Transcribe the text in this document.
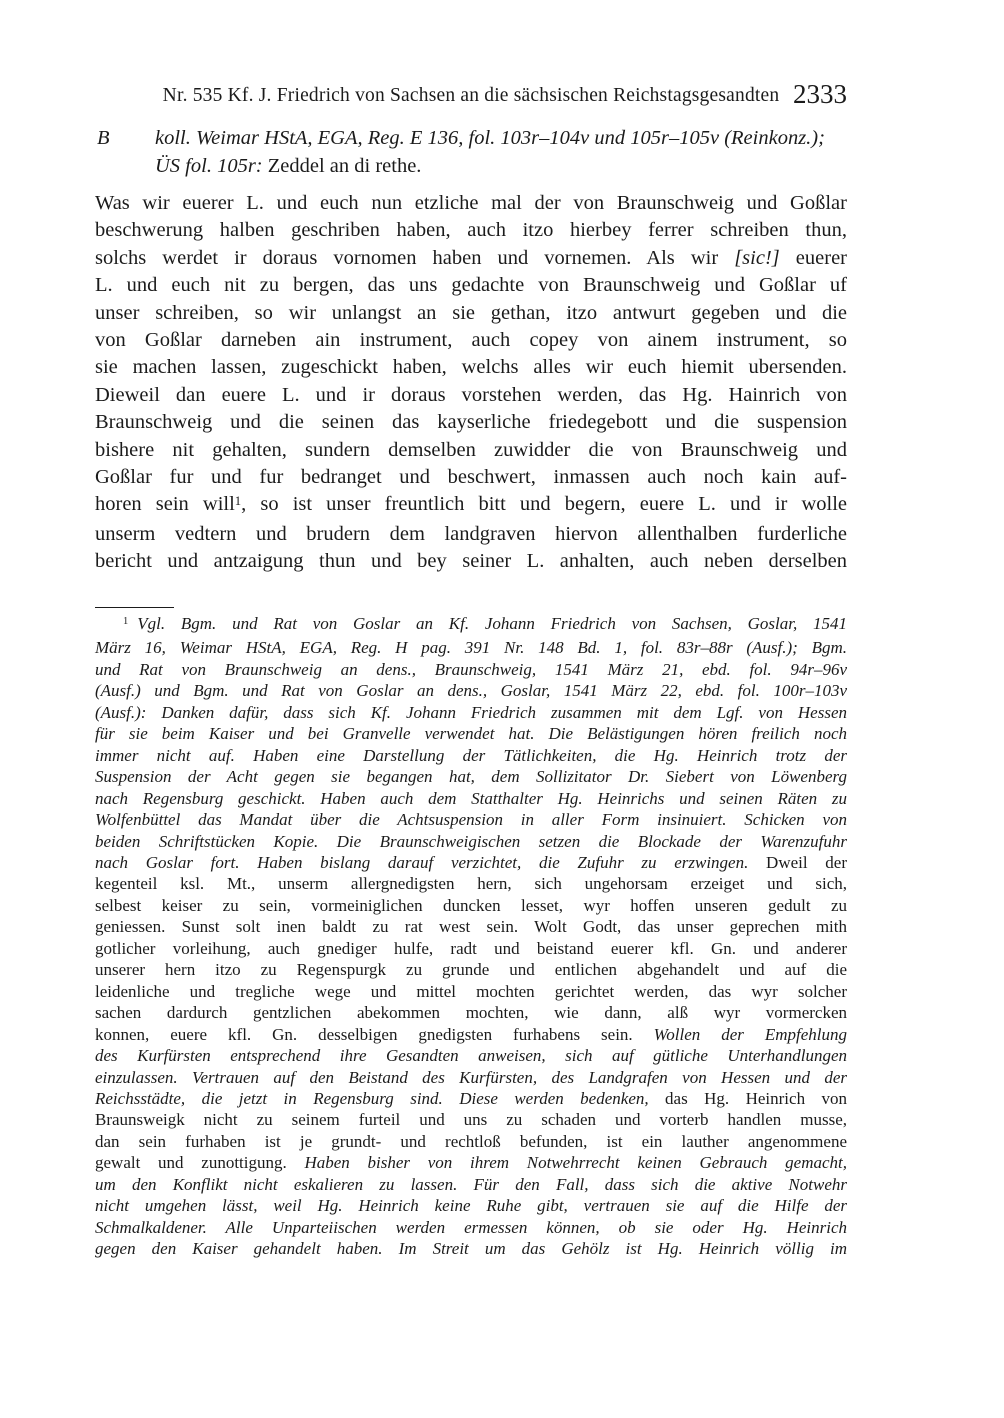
Nr. 535 Kf. J. Friedrich von Sachsen an die sächsischen Reichstagsgesandten 2333
B koll. Weimar HStA, EGA, Reg. E 136, fol. 103r–104v und 105r–105v (Reinkonz.);
ÜS fol. 105r: Zeddel an di rethe.
Was wir euerer L. und euch nun etzliche mal der von Braunschweig und Goßlar
beschwerung halben geschriben haben, auch itzo hierbey ferrer schreiben thun,
solchs werdet ir doraus vornomen haben und vornemen. Als wir [sic!] euerer
L. und euch nit zu bergen, das uns gedachte von Braunschweig und Goßlar uf
unser schreiben, so wir unlangst an sie gethan, itzo antwurt gegeben und die
von Goßlar darneben ain instrument, auch copey von ainem instrument, so
sie machen lassen, zugeschickt haben, welchs alles wir euch hiemit ubersenden.
Dieweil dan euere L. und ir doraus vorstehen werden, das Hg. Hainrich von
Braunschweig und die seinen das kayserliche friedegebott und die suspension
bishere nit gehalten, sundern demselben zuwidder die von Braunschweig und
Goßlar fur und fur bedranget und beschwert, inmassen auch noch kain auf-
horen sein will$^1$, so ist unser freuntlich bitt und begern, euere L. und ir wolle
unserm vedtern und brudern dem landgraven hiervon allenthalben furderliche
bericht und antzaigung thun und bey seiner L. anhalten, auch neben derselben
$^1$ Vgl. Bgm. und Rat von Goslar an Kf. Johann Friedrich von Sachsen, Goslar, 1541
März 16, Weimar HStA, EGA, Reg. H pag. 391 Nr. 148 Bd. 1, fol. 83r–88r (Ausf.); Bgm.
und Rat von Braunschweig an dens., Braunschweig, 1541 März 21, ebd. fol. 94r–96v
(Ausf.) und Bgm. und Rat von Goslar an dens., Goslar, 1541 März 22, ebd. fol. 100r–103v
(Ausf.): Danken dafür, dass sich Kf. Johann Friedrich zusammen mit dem Lgf. von Hessen
für sie beim Kaiser und bei Granvelle verwendet hat. Die Belästigungen hören freilich noch
immer nicht auf. Haben eine Darstellung der Tätlichkeiten, die Hg. Heinrich trotz der
Suspension der Acht gegen sie begangen hat, dem Sollizitator Dr. Siebert von Löwenberg
nach Regensburg geschickt. Haben auch dem Statthalter Hg. Heinrichs und seinen Räten zu
Wolfenbüttel das Mandat über die Achtsuspension in aller Form insinuiert. Schicken von
beiden Schriftstücken Kopie. Die Braunschweigischen setzen die Blockade der Warenzufuhr
nach Goslar fort. Haben bislang darauf verzichtet, die Zufuhr zu erzwingen. Dweil der
kegenteil ksl. Mt., unserm allergnedigsten hern, sich ungehorsam erzeiget und sich,
selbest keiser zu sein, vormeiniglichen duncken lesset, wyr hoffen unseren gedult zu
geniessen. Sunst solt inen baldt zu rat west sein. Wolt Godt, das unser geprechen mith
gotlicher vorleihung, auch gnediger hulfe, radt und beistand euerer kfl. Gn. und anderer
unserer hern itzo zu Regenspurgk zu grunde und entlichen abgehandelt und auf die
leidenliche und tregliche wege und mittel mochten gerichtet werden, das wyr solcher
sachen dardurch gentzlichen abekommen mochten, wie dann, alß wyr vormercken
konnen, euere kfl. Gn. desselbigen gnedigsten furhabens sein. Wollen der Empfehlung
des Kurfürsten entsprechend ihre Gesandten anweisen, sich auf gütliche Unterhandlungen
einzulassen. Vertrauen auf den Beistand des Kurfürsten, des Landgrafen von Hessen und der
Reichsstädte, die jetzt in Regensburg sind. Diese werden bedenken, das Hg. Heinrich von
Braunsweigk nicht zu seinem furteil und uns zu schaden und vorterb handlen musse,
dan sein furhaben ist je grundt- und rechtloß befunden, ist ein lauther angenommene
gewalt und zunottigung. Haben bisher von ihrem Notwehrrecht keinen Gebrauch gemacht,
um den Konflikt nicht eskalieren zu lassen. Für den Fall, dass sich die aktive Notwehr
nicht umgehen lässt, weil Hg. Heinrich keine Ruhe gibt, vertrauen sie auf die Hilfe der
Schmalkaldener. Alle Unparteiischen werden ermessen können, ob sie oder Hg. Heinrich
gegen den Kaiser gehandelt haben. Im Streit um das Gehölz ist Hg. Heinrich völlig im
